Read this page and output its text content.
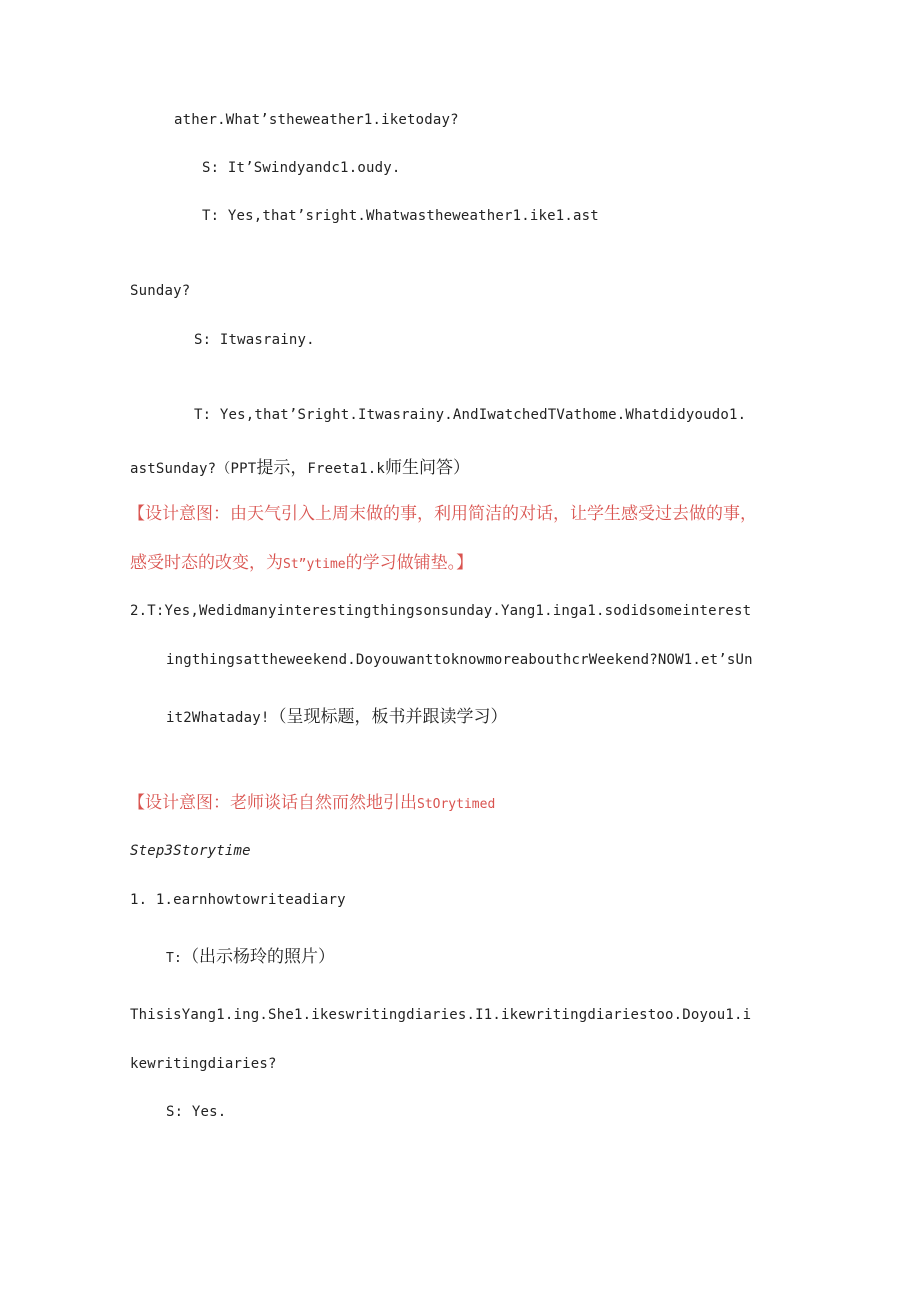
ather.What’stheweather1.iketoday?
S: It’Swindyandc1.oudy.
T: Yes,that’sright.Whatwastheweather1.ike1.ast
Sunday?
S: Itwasrainy.
T: Yes,that’Sright.Itwasrainy.AndIwatchedTVathome.Whatdidyoudo1.
astSunday?（PPT提示，Freeta1.k师生问答）
【设计意图：由天气引入上周末做的事，利用简洁的对话，让学生感受过去做的事，
感受时态的改变，为St”ytime的学习做铺垫。】
2.T:Yes,Wedidmanyinterestingthingsonsunday.Yang1.inga1.sodidsomeinterest
ingthingsattheweekend.DoyouwanttoknowmoreabouthcrWeekend?NOW1.et’sUn
it2Whataday!（呈现标题，板书并跟读学习）
【设计意图：老师谈话自然而然地引出StOrytimed
Step3Storytime
1. 1.earnhowtowriteadiary
T:（出示杨玲的照片）
ThisisYang1.ing.She1.ikeswritingdiaries.I1.ikewritingdiariestoo.Doyou1.i
kewritingdiaries?
S: Yes.
